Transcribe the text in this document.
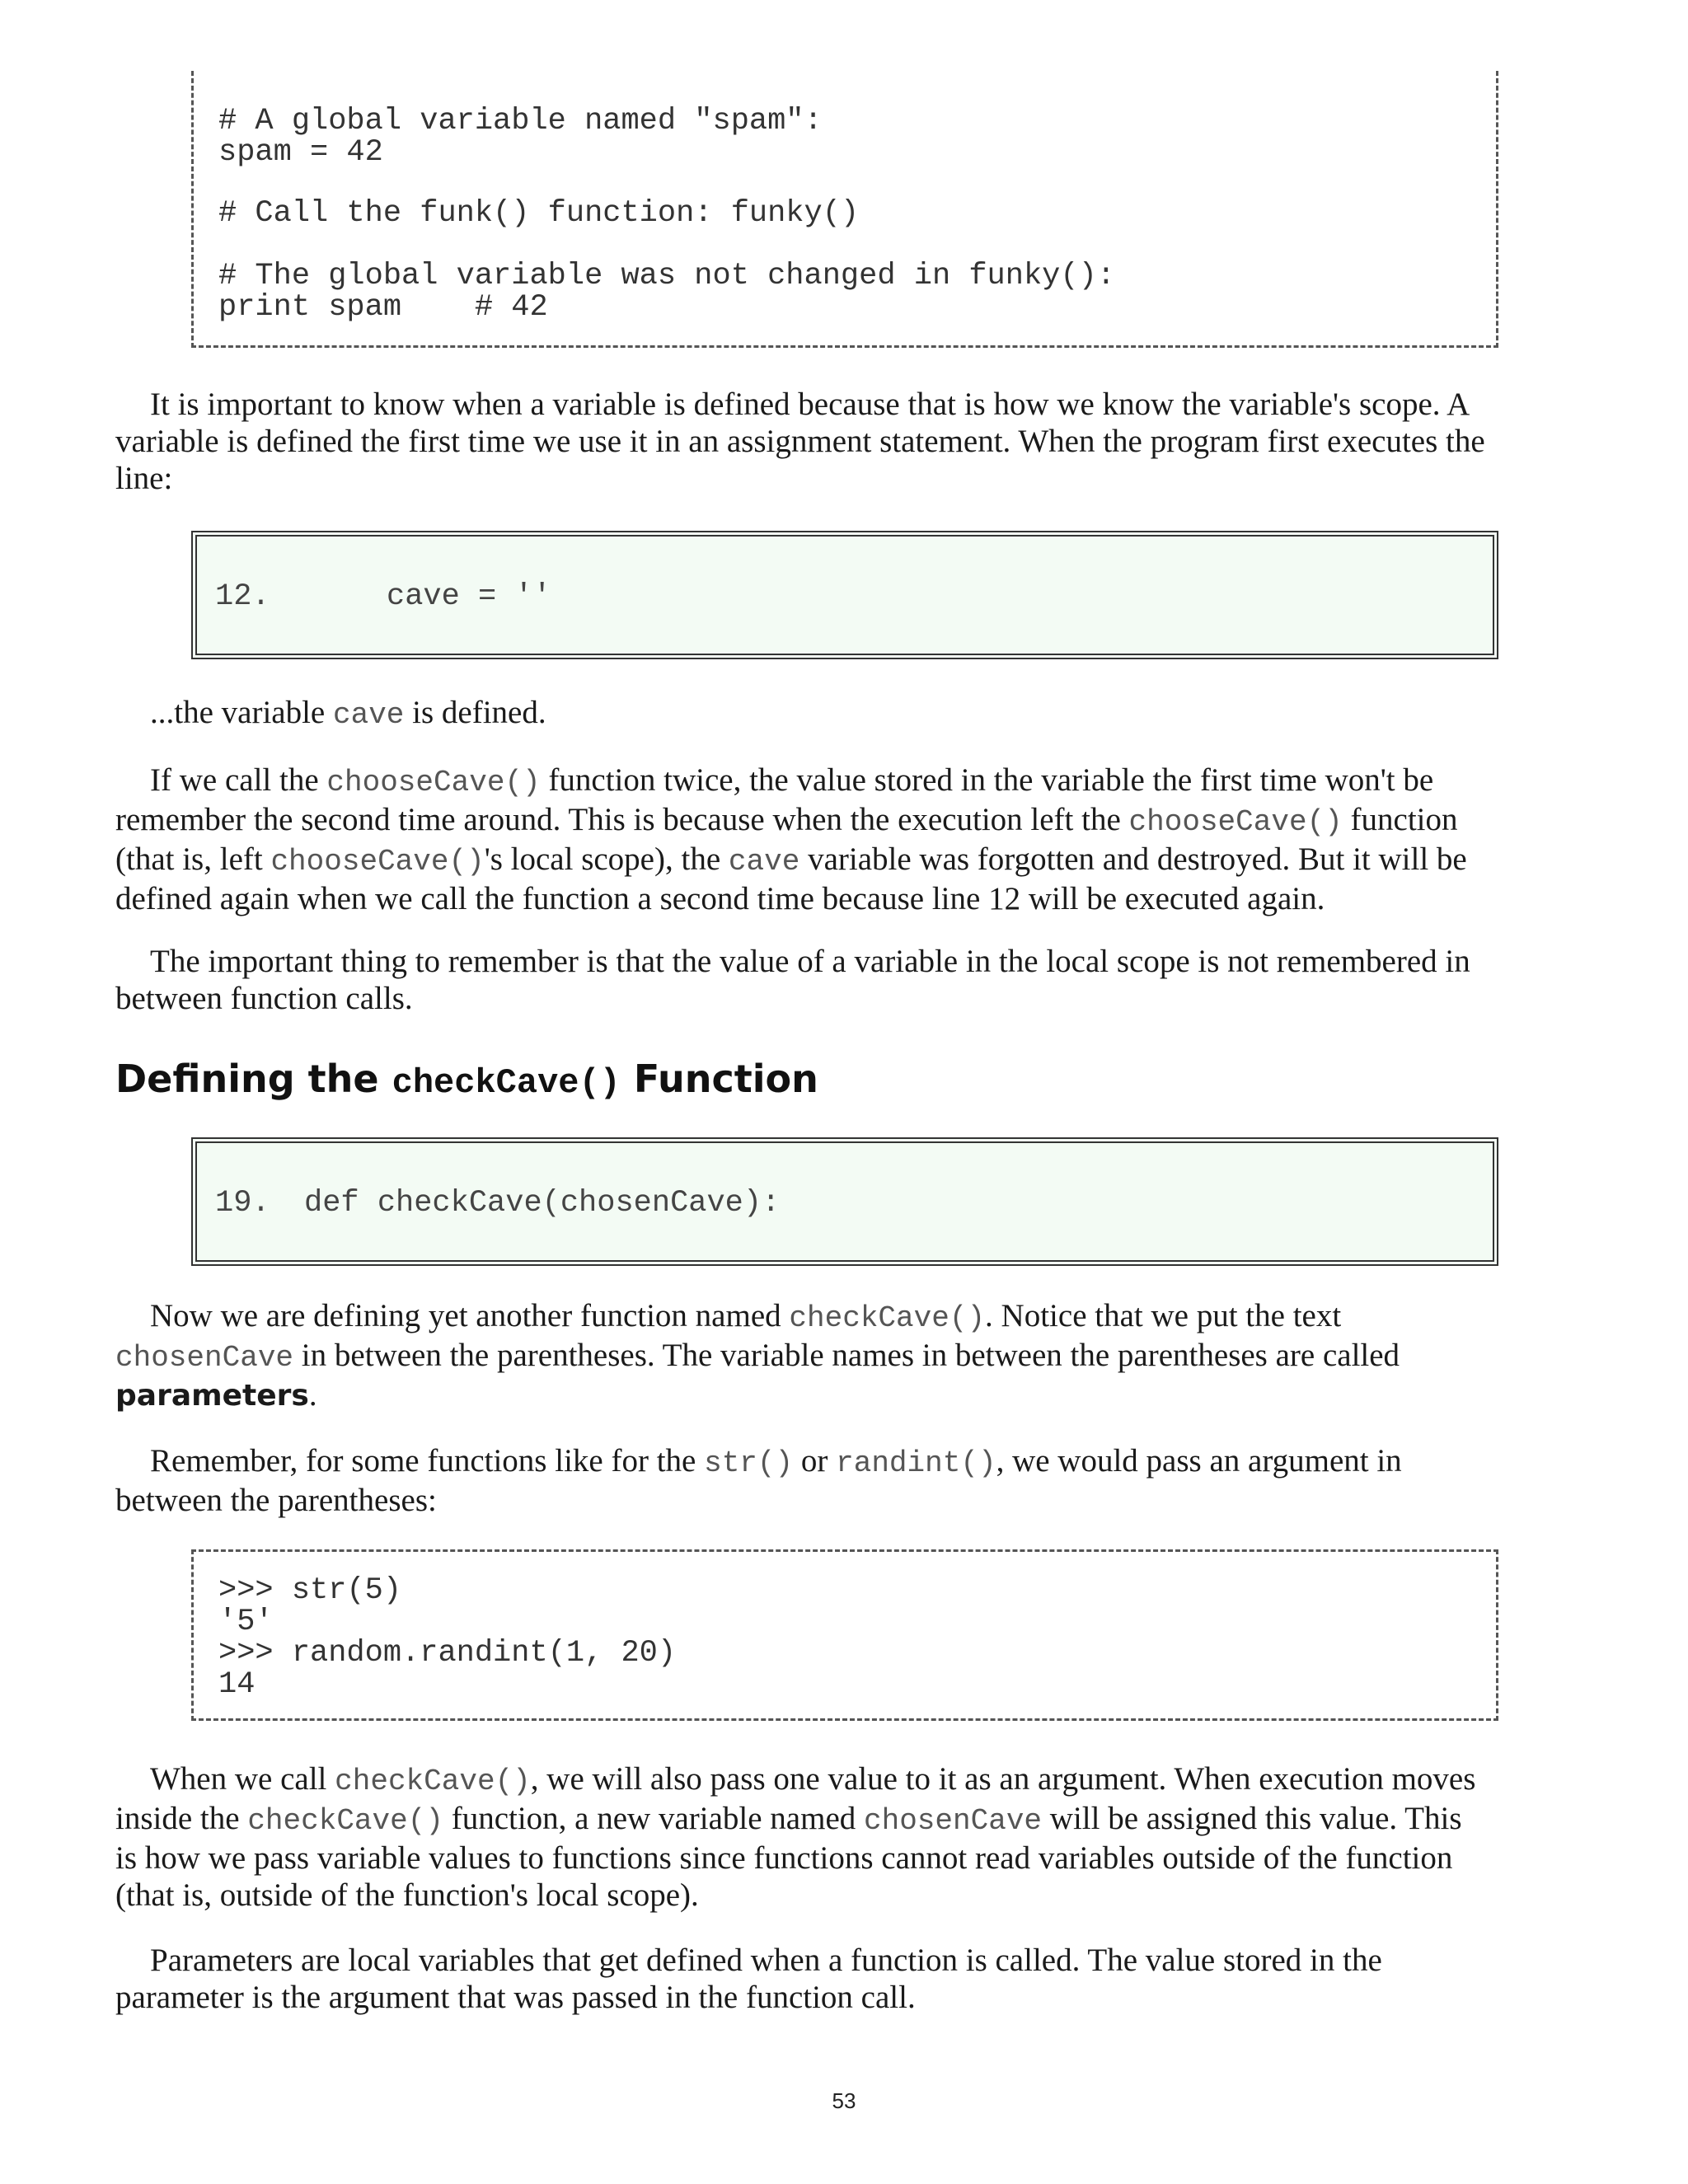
# A global variable named "spam":
spam = 42
# Call the funk() function: funky()
# The global variable was not changed in funky():
print spam    # 42
It is important to know when a variable is defined because that is how we know the variable's scope. A
variable is defined the first time we use it in an assignment statement. When the program first executes the
line:
12.	cave = ''
...the variable cave is defined.
If we call the chooseCave() function twice, the value stored in the variable the first time won't be
remember the second time around. This is because when the execution left the chooseCave() function
(that is, left chooseCave()'s local scope), the cave variable was forgotten and destroyed. But it will be
defined again when we call the function a second time because line 12 will be executed again.
The important thing to remember is that the value of a variable in the local scope is not remembered in
between function calls.
Defining the checkCave() Function
19. def checkCave(chosenCave):
Now we are defining yet another function named checkCave(). Notice that we put the text
chosenCave in between the parentheses. The variable names in between the parentheses are called
parameters.
Remember, for some functions like for the str() or randint(), we would pass an argument in
between the parentheses:
>>> str(5)
'5'
>>> random.randint(1, 20)
14
When we call checkCave(), we will also pass one value to it as an argument. When execution moves
inside the checkCave() function, a new variable named chosenCave will be assigned this value. This
is how we pass variable values to functions since functions cannot read variables outside of the function
(that is, outside of the function's local scope).
Parameters are local variables that get defined when a function is called. The value stored in the
parameter is the argument that was passed in the function call.
53
